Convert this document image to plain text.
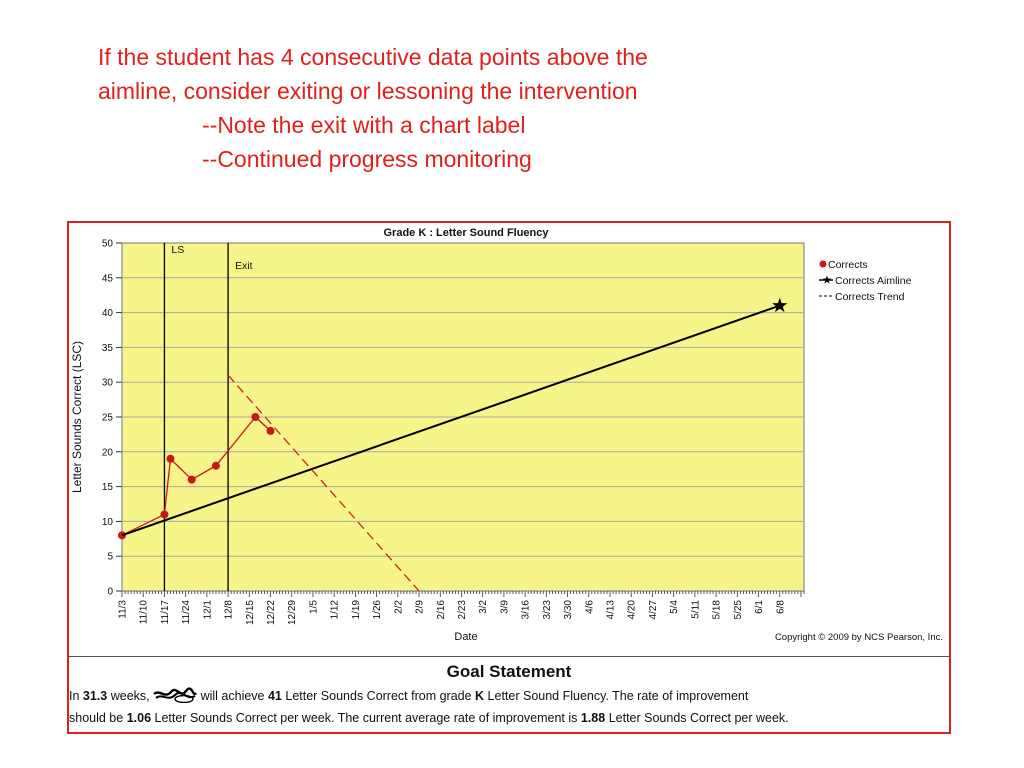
If the student has 4 consecutive data points above the

aimline, consider exiting or lessoning the intervention

--Note the exit with a chart label

--Continued progress monitoring

Grade K : Letter Sound Fluency
LS
Exit
0
5
10
15
20
25
30
35
40
45
50
11/3 11/10 11/17 11/24 12/1 12/8 12/15 12/22 12/29 1/5 1/12 1/19 1/26 2/2 2/9 2/16 2/23 3/2 3/9 3/16 3/23 3/30 4/6 4/13 4/20 4/27 5/4 5/11 5/18 5/25 6/1 6/8
Letter Sounds Correct (LSC)
Date	Copyright © 2009 by NCS Pearson, Inc.
Corrects
Corrects Aimline
Corrects Trend

Goal Statement

In 31.3 weeks,	will achieve 41 Letter Sounds Correct from grade K Letter Sound Fluency. The rate of improvement
should be 1.06 Letter Sounds Correct per week. The current average rate of improvement is 1.88 Letter Sounds Correct per week.
